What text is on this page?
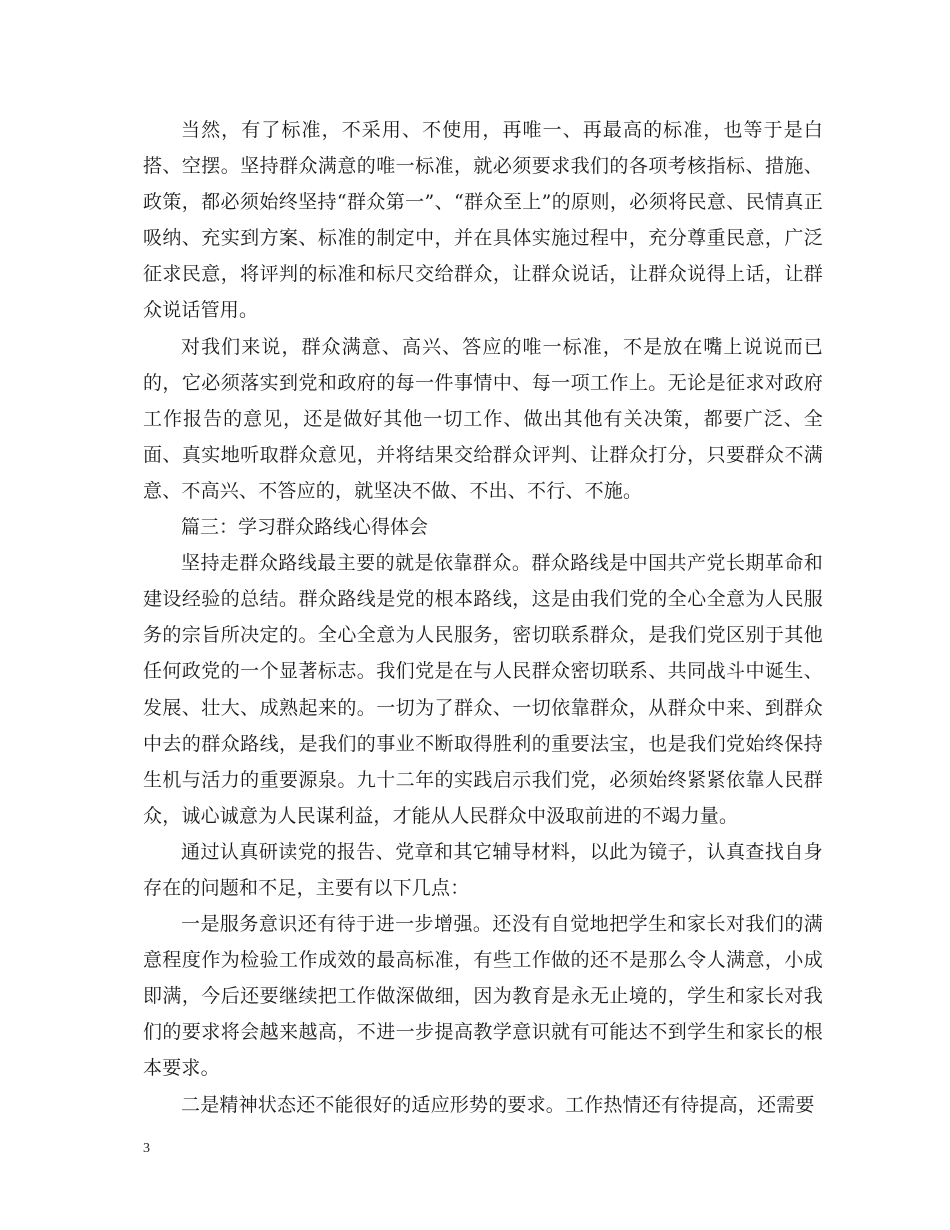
当然，有了标准，不采用、不使用，再唯一、再最高的标准，也等于是白搭、空摆。坚持群众满意的唯一标准，就必须要求我们的各项考核指标、措施、政策，都必须始终坚持“群众第一”、“群众至上”的原则，必须将民意、民情真正吸纳、充实到方案、标准的制定中，并在具体实施过程中，充分尊重民意，广泛征求民意，将评判的标准和标尺交给群众，让群众说话，让群众说得上话，让群众说话管用。

对我们来说，群众满意、高兴、答应的唯一标准，不是放在嘴上说说而已的，它必须落实到党和政府的每一件事情中、每一项工作上。无论是征求对政府工作报告的意见，还是做好其他一切工作、做出其他有关决策，都要广泛、全面、真实地听取群众意见，并将结果交给群众评判、让群众打分，只要群众不满意、不高兴、不答应的，就坚决不做、不出、不行、不施。

篇三：学习群众路线心得体会

坚持走群众路线最主要的就是依靠群众。群众路线是中国共产党长期革命和建设经验的总结。群众路线是党的根本路线，这是由我们党的全心全意为人民服务的宗旨所决定的。全心全意为人民服务，密切联系群众，是我们党区别于其他任何政党的一个显著标志。我们党是在与人民群众密切联系、共同战斗中诞生、发展、壮大、成熟起来的。一切为了群众、一切依靠群众，从群众中来、到群众中去的群众路线，是我们的事业不断取得胜利的重要法宝，也是我们党始终保持生机与活力的重要源泉。九十二年的实践启示我们党，必须始终紧紧依靠人民群众，诚心诚意为人民谋利益，才能从人民群众中汲取前进的不竭力量。

通过认真研读党的报告、党章和其它辅导材料，以此为镜子，认真查找自身存在的问题和不足，主要有以下几点：

一是服务意识还有待于进一步增强。还没有自觉地把学生和家长对我们的满意程度作为检验工作成效的最高标准，有些工作做的还不是那么令人满意，小成即满，今后还要继续把工作做深做细，因为教育是永无止境的，学生和家长对我们的要求将会越来越高，不进一步提高教学意识就有可能达不到学生和家长的根本要求。

二是精神状态还不能很好的适应形势的要求。工作热情还有待提高，还需要

3
